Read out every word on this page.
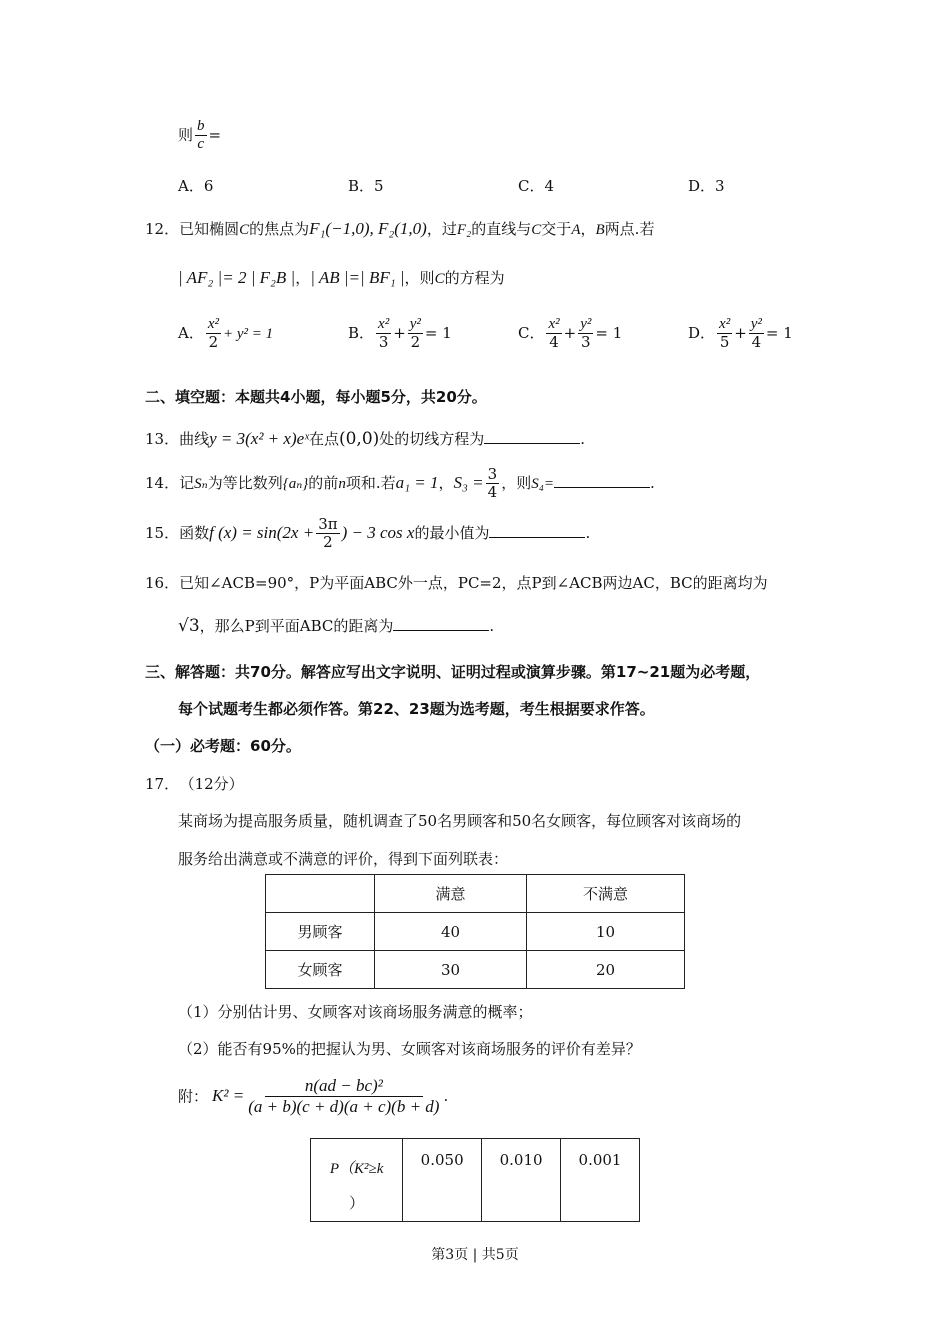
则 $\frac{b}{c}$ =
A．6	B．5	C．4	D．3
12．已知椭圆C的焦点为F₁(−1,0), F₂(1,0)，过F₂的直线与C交于A，B两点.若
| AF₂ |= 2 | F₂B |，| AB |=| BF₁ |，则C的方程为
A． $\frac{\text{x²}}{2} + y^2 = 1$	B． $\frac{\text{x²}}{3} + \frac{\text{y²}}{2} = 1$	C． $\frac{\text{x²}}{4} + \frac{\text{y²}}{3} = 1$	D． $\frac{\text{x²}}{5} + \frac{\text{y²}}{4} = 1$
二、填空题：本题共4小题，每小题5分，共20分。
13．曲线y = 3(x² + x)eˣ在点(0,0)处的切线方程为	.
14．记Sₙ为等比数列{aₙ}的前n项和.若a₁ = 1，$S_3 = \frac{3}{4}$ ，则S₄=	.
15．函数f $(x) = \sin(2x + \frac{3\pi}{2}$ ) − 3 cos x的最小值为	.
16．已知∠ACB=90°，P为平面ABC外一点，PC=2，点P到∠ACB两边AC，BC的距离均为
√3，那么P到平面ABC的距离为	.
三、解答题：共70分。解答应写出文字说明、证明过程或演算步骤。第17~21题为必考题，
每个试题考生都必须作答。第22、23题为选考题，考生根据要求作答。
（一）必考题：60分。
17． （12分）
某商场为提高服务质量，随机调查了50名男顾客和50名女顾客，每位顾客对该商场的
服务给出满意或不满意的评价，得到下面列联表：
	满意	不满意
男顾客	40	10
女顾客	30	20
（1）分别估计男、女顾客对该商场服务满意的概率；
（2）能否有95%的把握认为男、女顾客对该商场服务的评价有差异？
附： $K^2 = \frac{\text{n(ad − bc)²}}{(a + b)(c + d)(a + c)(b + d)}$ .
P（K²≥k
）	0.050	0.010	0.001
第3页 | 共5页
